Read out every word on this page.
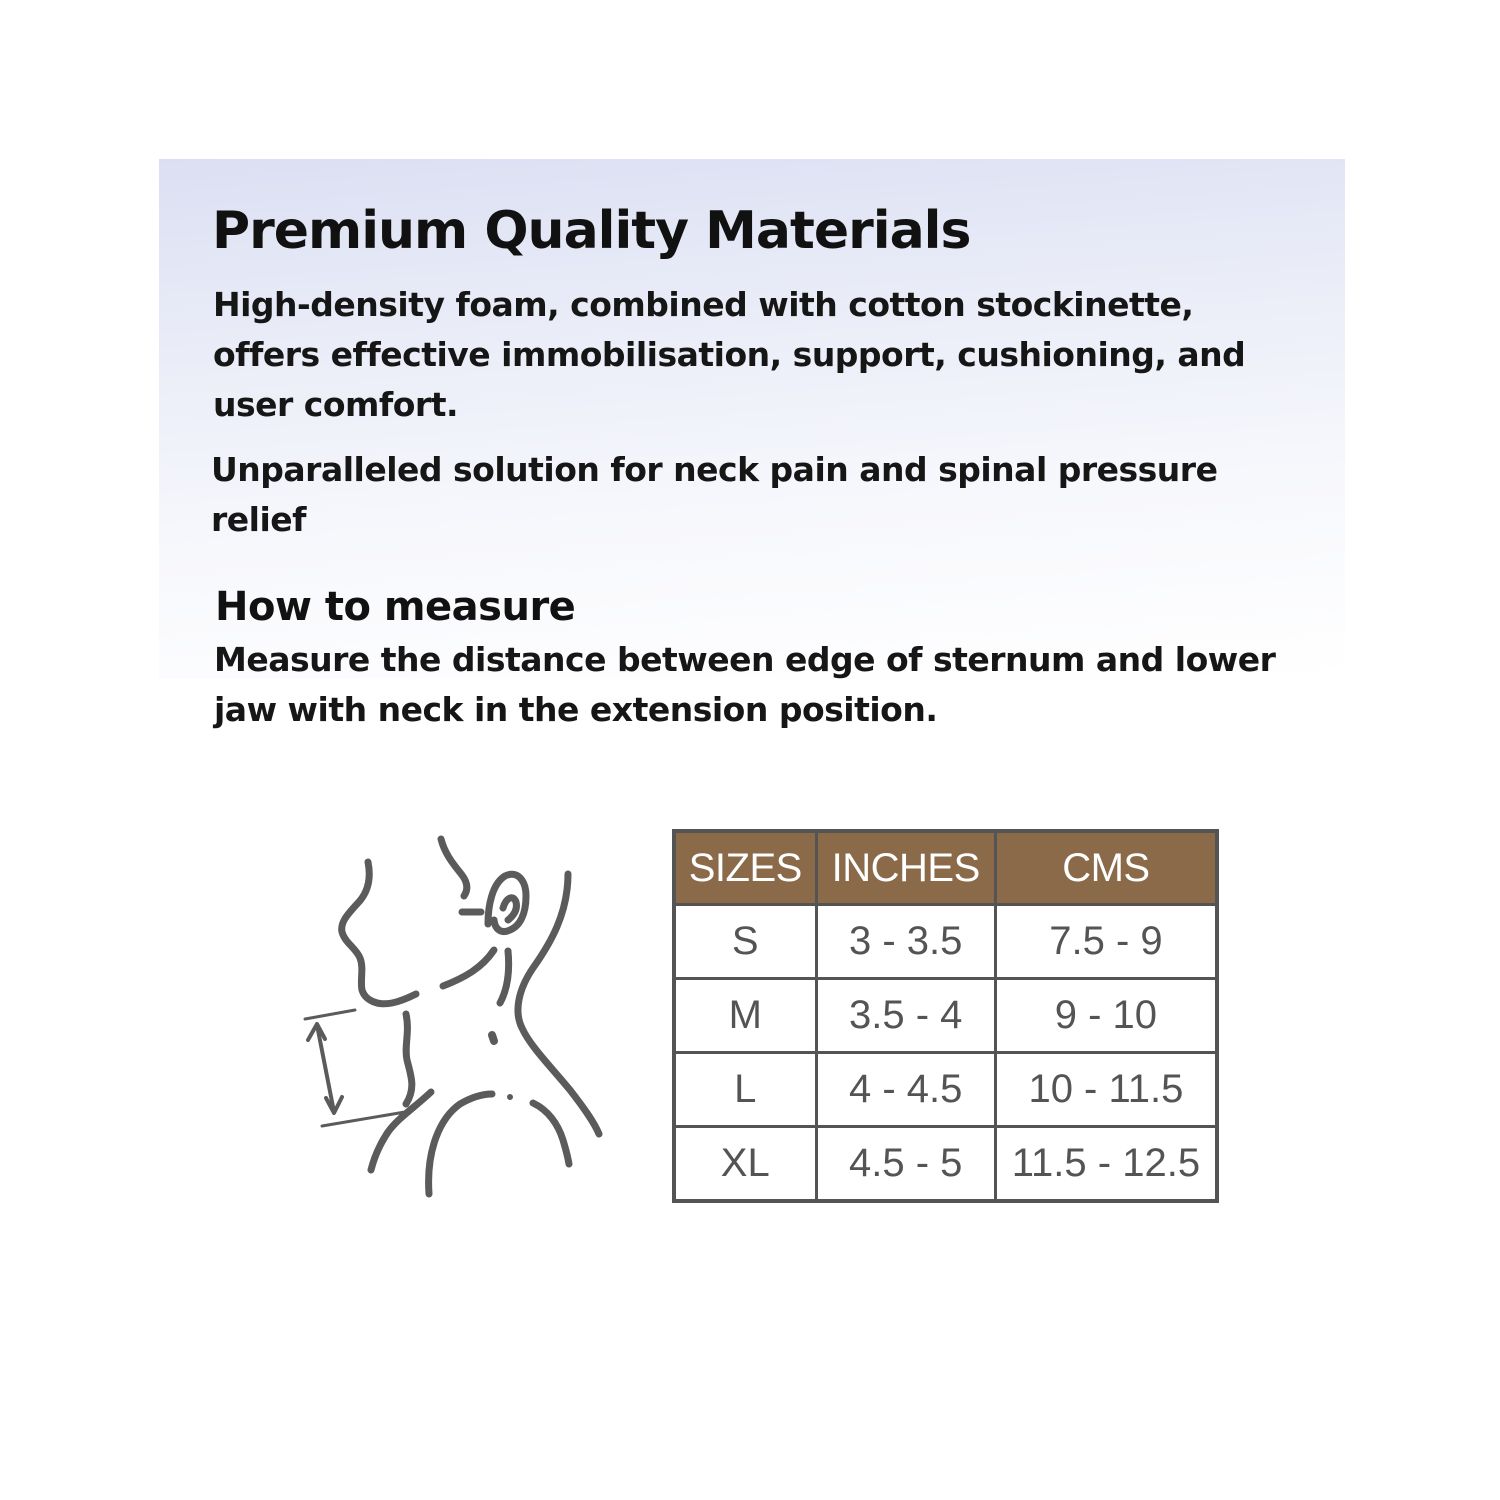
Premium Quality Materials

High-density foam, combined with cotton stockinette, offers effective immobilisation, support, cushioning, and user comfort.

Unparalleled solution for neck pain and spinal pressure relief

How to measure

Measure the distance between edge of sternum and lower jaw with neck in the extension position.

SIZES	INCHES	CMS
S	3 - 3.5	7.5 - 9
M	3.5 - 4	9 - 10
L	4 - 4.5	10 - 11.5
XL	4.5 - 5	11.5 - 12.5
